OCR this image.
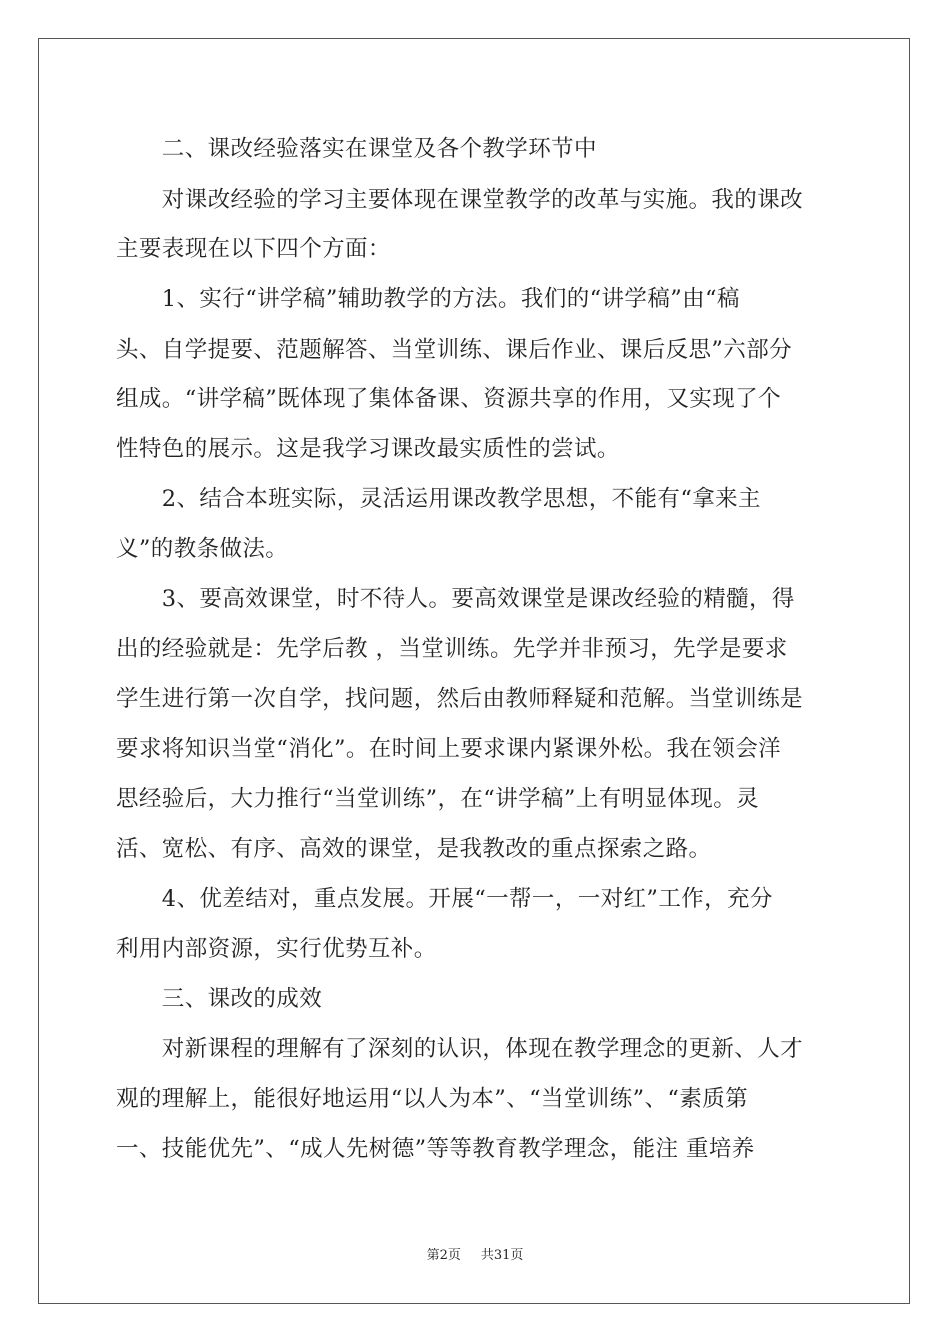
　　二、课改经验落实在课堂及各个教学环节中
　　对课改经验的学习主要体现在课堂教学的改革与实施。我的课改
主要表现在以下四个方面：
　　1、实行“讲学稿”辅助教学的方法。我们的“讲学稿”由“稿
头、自学提要、范题解答、当堂训练、课后作业、课后反思”六部分
组成。“讲学稿”既体现了集体备课、资源共享的作用，又实现了个
性特色的展示。这是我学习课改最实质性的尝试。
　　2、结合本班实际，灵活运用课改教学思想，不能有“拿来主
义”的教条做法。
　　3、要高效课堂，时不待人。要高效课堂是课改经验的精髓，得
出的经验就是：先学后教 ，当堂训练。先学并非预习，先学是要求
学生进行第一次自学，找问题，然后由教师释疑和范解。当堂训练是
要求将知识当堂“消化”。在时间上要求课内紧课外松。我在领会洋
思经验后，大力推行“当堂训练”，在“讲学稿”上有明显体现。灵
活、宽松、有序、高效的课堂，是我教改的重点探索之路。
　　4、优差结对，重点发展。开展“一帮一，一对红”工作，充分
利用内部资源，实行优势互补。
　　三、课改的成效
　　对新课程的理解有了深刻的认识，体现在教学理念的更新、人才
观的理解上，能很好地运用“以人为本”、“当堂训练”、“素质第
一、技能优先”、“成人先树德”等等教育教学理念，能注 重培养
第2页 共31页
